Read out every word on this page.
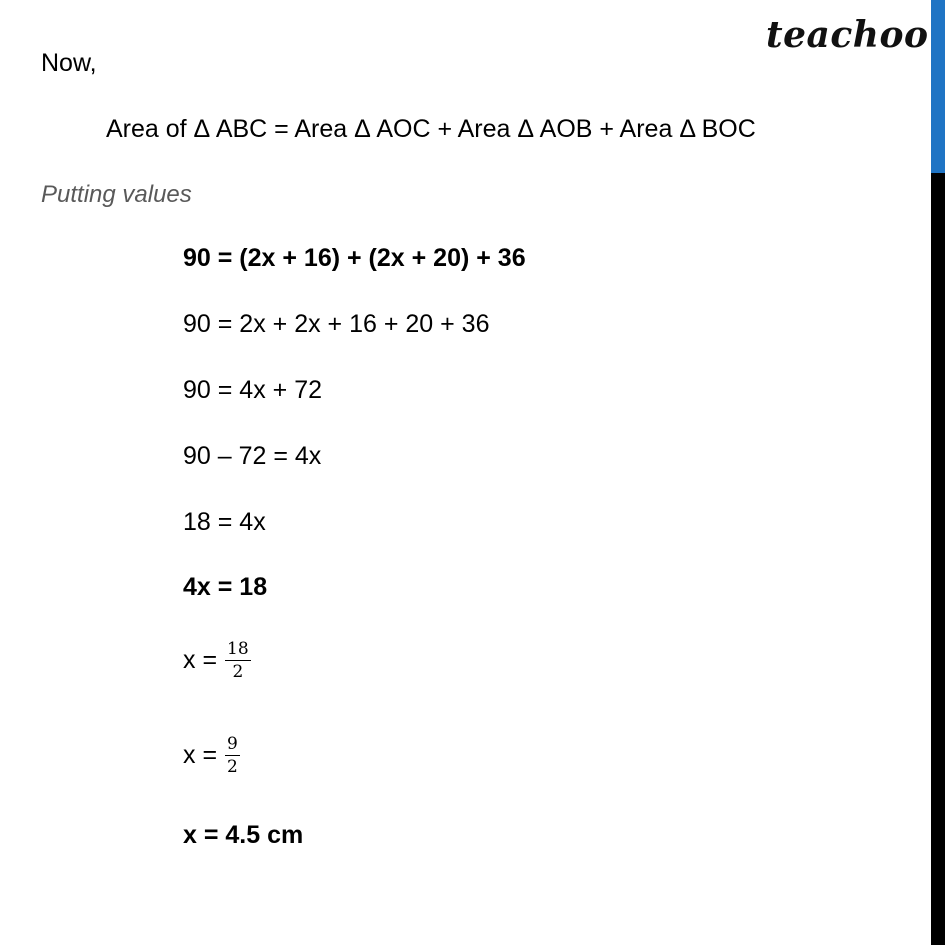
teachoo
Now,
Area of Δ ABC = Area Δ AOC + Area Δ AOB + Area Δ BOC
Putting values
90 = (2x + 16) + (2x + 20) + 36
90 = 2x + 2x + 16 + 20 + 36
90 = 4x + 72
90 – 72 = 4x
18 = 4x
4x = 18
$x = \frac{18}{2}$
$x = \frac{9}{2}$
x = 4.5 cm
